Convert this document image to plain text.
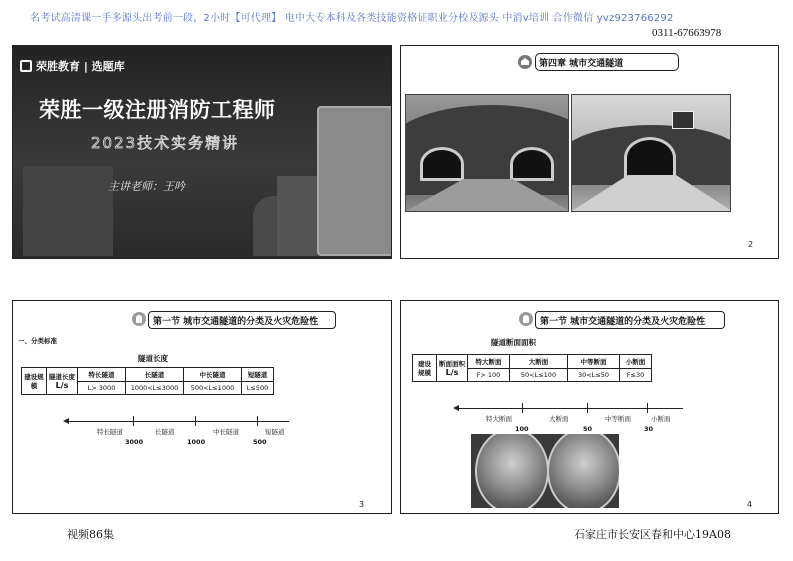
名考试高清课一手多源头出考前一段，2小时【可代理】 电中大专本科及各类技能资格证职业分校及源头 中消v培训 合作微信 yvz923766292
0311-67663978
荣胜教育 | 选题库
荣胜一级注册消防工程师
2023技术实务精讲
主讲老师：王吟
第四章 城市交通隧道
2
第一节 城市交通隧道的分类及火灾危险性
一、分类标准
隧道长度
建设规模	隧道长度
L/s	特长隧道	长隧道	中长隧道	短隧道
		L> 3000	1000<L≤3000	500<L≤1000	L≤500
特长隧道	长隧道	中长隧道	短隧道
3000	1000	500
3
第一节 城市交通隧道的分类及火灾危险性
隧道断面面积
建设规模	断面面积
L/s	特大断面	大断面	中等断面	小断面
		F> 100	50<L≤100	30<L≤50	F≤30
特大断面	大断面	中等断面	小断面
100	50	30
4
视频86集	石家庄市长安区春和中心19A08
